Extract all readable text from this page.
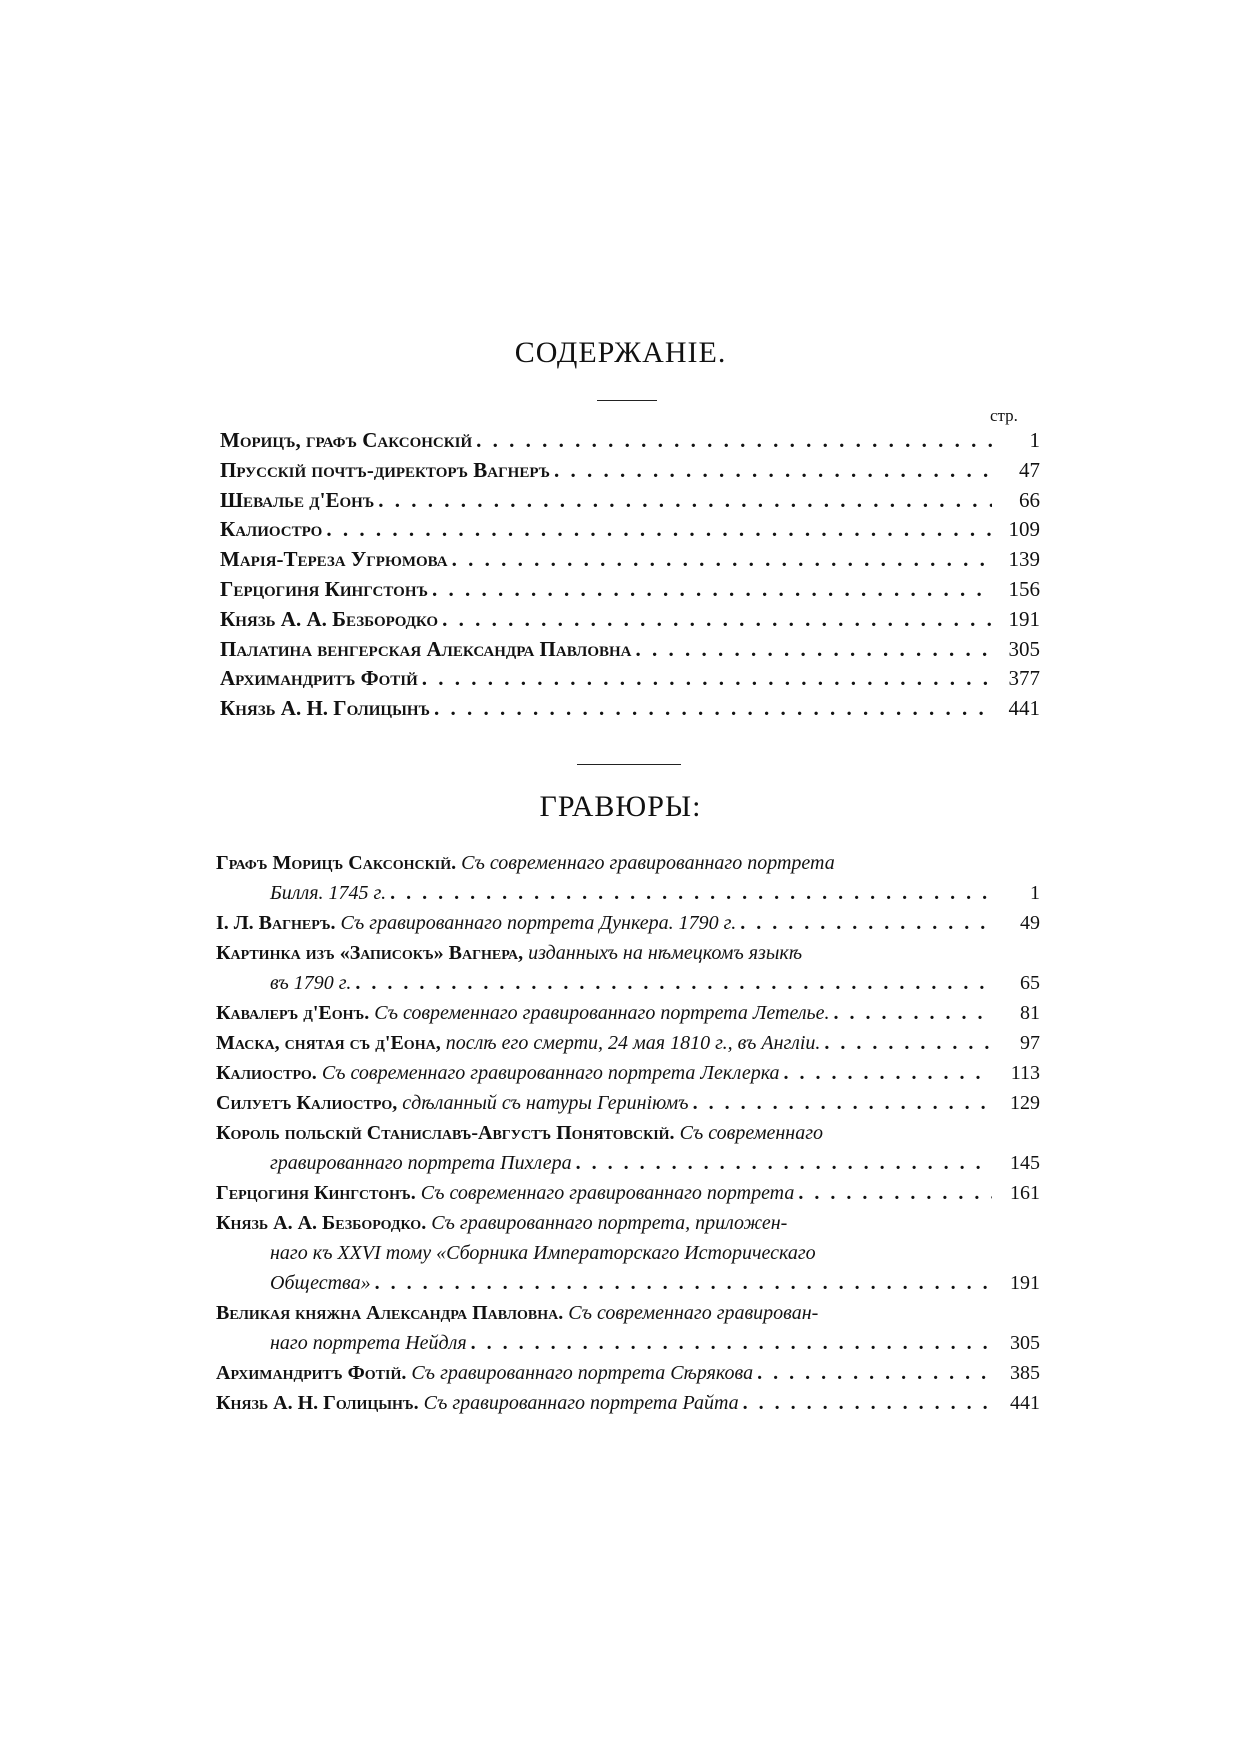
СОДЕРЖАНІЕ.
стр.
Морицъ, графъ Саксонскій . . .	1
Прусскій почтъ-директоръ Вагнеръ . . .	47
Шевалье д'Еонъ . . .	66
Калиостро . . .	109
Марія-Тереза Угрюмова . . .	139
Герцогиня Кингстонъ . . .	156
Князь А. А. Безбородко . . .	191
Палатина венгерская Александра Павловна . . .	305
Архимандритъ Фотій . . .	377
Князь А. Н. Голицынъ . . .	441
ГРАВЮРЫ:
Графъ Морицъ Саксонскій. Съ современнаго гравированнаго портрета
Билля. 1745 г. . . .	1
І. Л. Вагнеръ. Съ гравированнаго портрета Дункера. 1790 г. . . .	49
Картинка изъ «Записокъ» Вагнера, изданныхъ на нѣмецкомъ языкѣ
въ 1790 г. . . .	65
Кавалеръ д'Еонъ. Съ современнаго гравированнаго портрета Летелье. . . .	81
Маска, снятая съ д'Еона, послѣ его смерти, 24 мая 1810 г., въ Англіи. . . .	97
Калиостро. Съ современнаго гравированнаго портрета Леклерка . . .	113
Силуетъ Калиостро, сдѣланный съ натуры Гериніюмъ . . .	129
Король польскій Станиславъ-Августъ Понятовскій. Съ современнаго
гравированнаго портрета Пихлера . . .	145
Герцогиня Кингстонъ. Съ современнаго гравированнаго портрета . . .	161
Князь А. А. Безбородко. Съ гравированнаго портрета, приложен-
наго къ XXVI тому «Сборника Императорскаго Историческаго
Общества» . . .	191
Великая княжна Александра Павловна. Съ современнаго гравирован-
наго портрета Нейдля . . .	305
Архимандритъ Фотій. Съ гравированнаго портрета Сѣрякова . . .	385
Князь А. Н. Голицынъ. Съ гравированнаго портрета Райта . . .	441
